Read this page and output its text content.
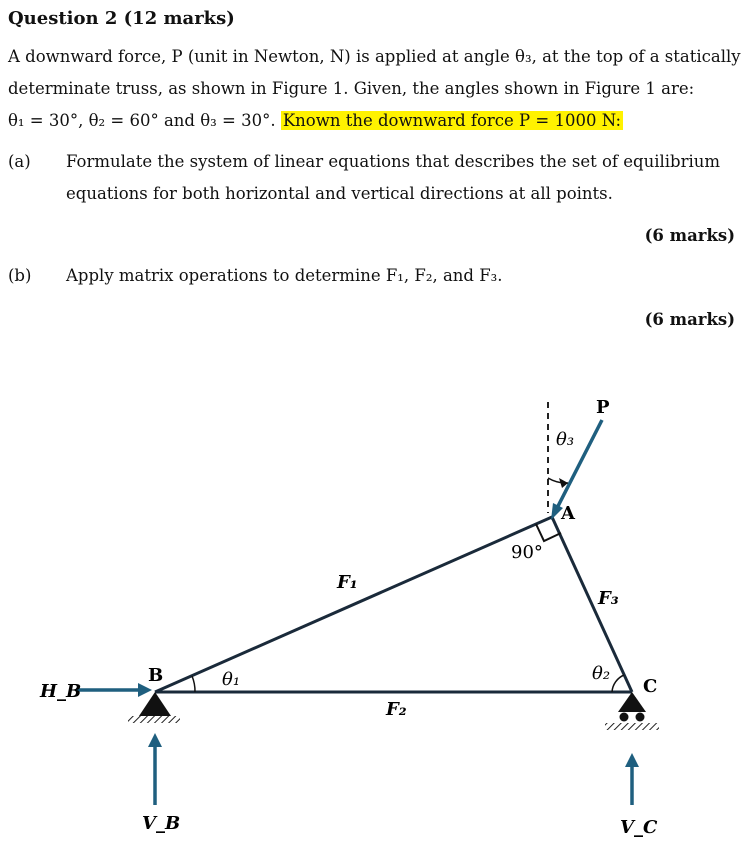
Question 2 (12 marks)
A downward force, P (unit in Newton, N) is applied at angle θ₃, at the top of a statically
determinate truss, as shown in Figure 1. Given, the angles shown in Figure 1 are:
θ₁ = 30°, θ₂ = 60° and θ₃ = 30°. Known the downward force P = 1000 N:
(a) Formulate the system of linear equations that describes the set of equilibrium
equations for both horizontal and vertical directions at all points.
(6 marks)
(b) Apply matrix operations to determine F₁, F₂, and F₃.
(6 marks)
P
θ₃
A
90°
F₁
F₃
θ₁	θ₂
B
C
F₂
H_B
V_B	V_C
